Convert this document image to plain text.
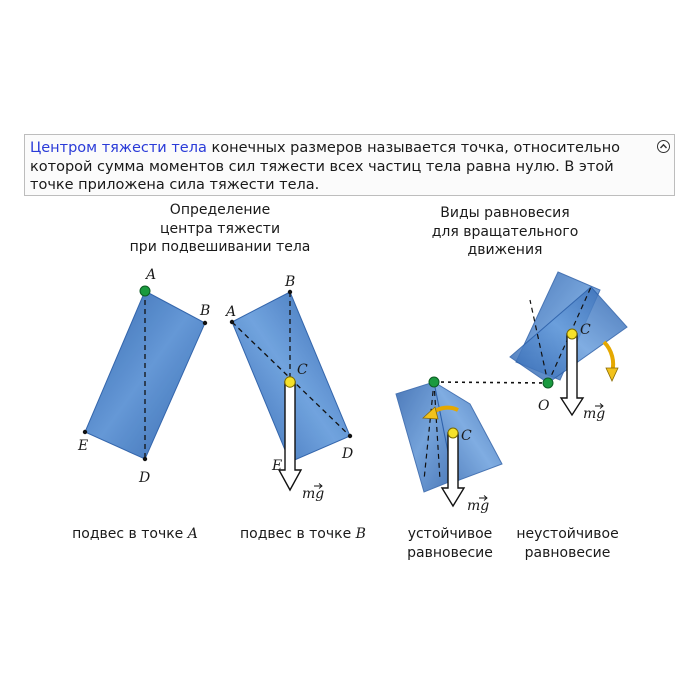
Центром тяжести тела конечных размеров называется точка, относительно которой сумма моментов сил тяжести всех частиц тела равна нулю. В этой точке приложена сила тяжести тела.
Определение
центра тяжести
при подвешивании тела
Виды равновесия
для вращательного
движения
A
B
E
D
B
A
C
D
E
mg
C
C
O mg
mg
подвес в точке A	подвес в точке B	устойчивое
равновесие
неустойчивое
равновесие
